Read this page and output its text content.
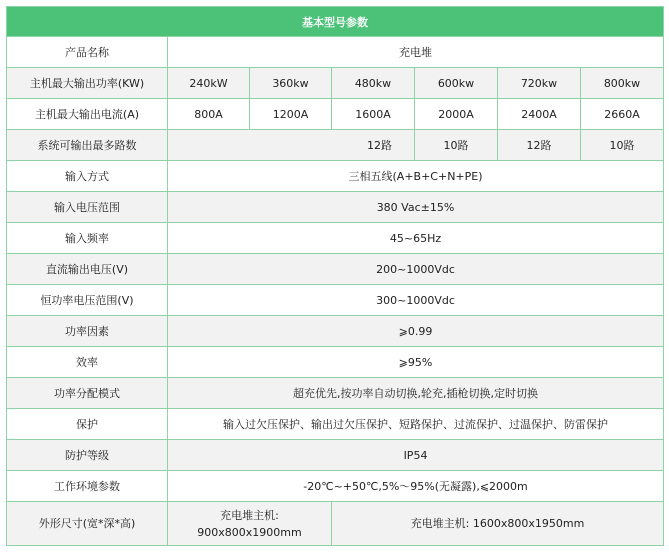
基本型号参数						
产品名称	充电堆					
主机最大输出功率(KW)	240kW	360kw	480kw	600kw	720kw	800kw
主机最大输出电流(A)	800A	1200A	1600A	2000A	2400A	2660A
系统可输出最多路数	12路			10路	12路	10路
输入方式	三相五线(A+B+C+N+PE)					
输入电压范围	380 Vac±15%					
输入频率	45~65Hz					
直流输出电压(V)	200~1000Vdc					
恒功率电压范围(V)	300~1000Vdc					
功率因素	⩾0.99					
效率	⩾95%					
功率分配模式	超充优先,按功率自动切换,轮充,插枪切换,定时切换					
保护	输入过欠压保护、输出过欠压保护、短路保护、过流保护、过温保护、防雷保护					
防护等级	IP54					
工作环境参数	-20℃~+50℃,5%～95%(无凝露),⩽2000m					
外形尺寸(宽*深*高)	充电堆主机: 900x800x1900mm		充电堆主机: 1600x800x1950mm			
